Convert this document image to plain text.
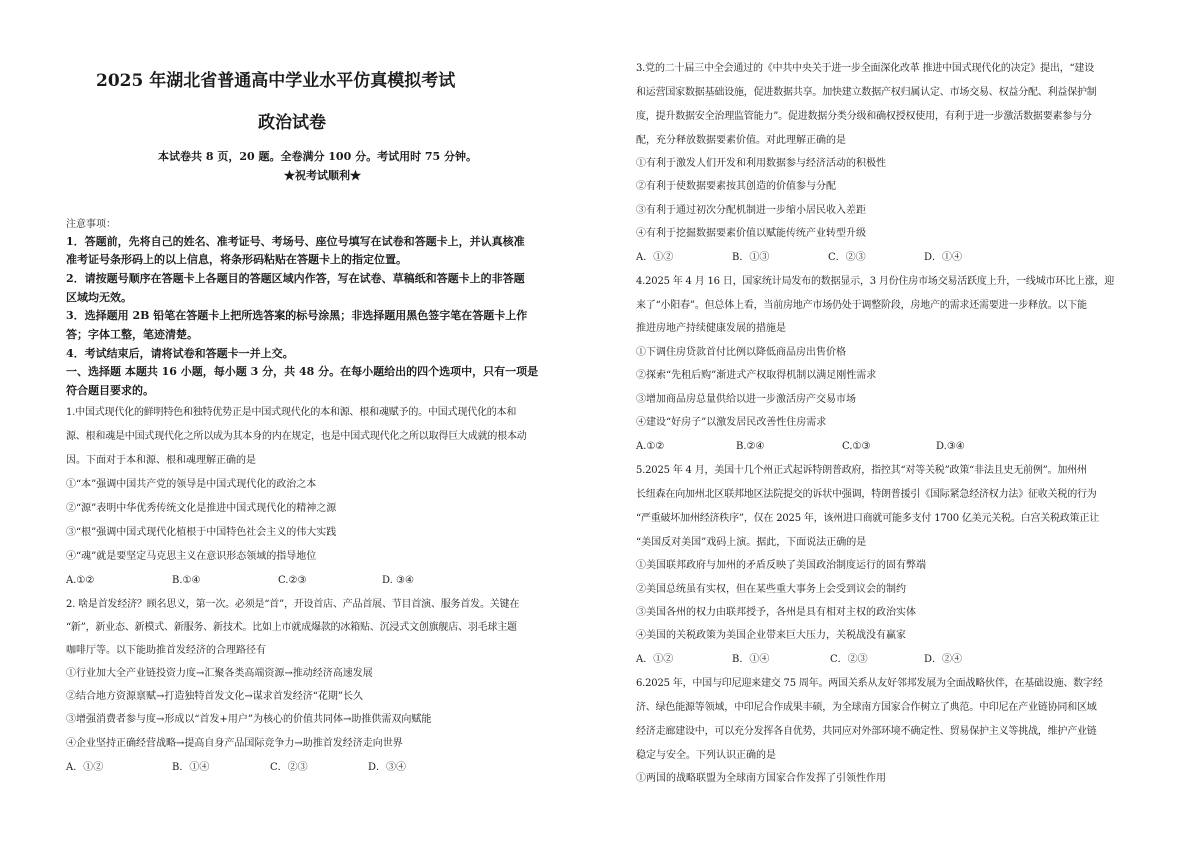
2025 年湖北省普通高中学业水平仿真模拟考试
政治试卷
本试卷共 8 页，20 题。全卷满分 100 分。考试用时 75 分钟。
★祝考试顺利★
注意事项：
1．答题前，先将自己的姓名、准考证号、考场号、座位号填写在试卷和答题卡上，并认真核准
准考证号条形码上的以上信息，将条形码粘贴在答题卡上的指定位置。
2．请按题号顺序在答题卡上各题目的答题区域内作答，写在试卷、草稿纸和答题卡上的非答题
区域均无效。
3．选择题用 2B 铅笔在答题卡上把所选答案的标号涂黑；非选择题用黑色签字笔在答题卡上作
答；字体工整，笔迹清楚。
4．考试结束后，请将试卷和答题卡一并上交。
一、选择题 本题共 16 小题，每小题 3 分，共 48 分。在每小题给出的四个选项中，只有一项是
符合题目要求的。
1.中国式现代化的鲜明特色和独特优势正是中国式现代化的本和源、根和魂赋予的。中国式现代化的本和
源、根和魂是中国式现代化之所以成为其本身的内在规定，也是中国式现代化之所以取得巨大成就的根本动
因。下面对于本和源、根和魂理解正确的是
①“本”强调中国共产党的领导是中国式现代化的政治之本
②“源”表明中华优秀传统文化是推进中国式现代化的精神之源
③“根”强调中国式现代化植根于中国特色社会主义的伟大实践
④“魂”就是要坚定马克思主义在意识形态领域的指导地位
A.①②	B.①④	C.②③	D. ③④
2. 啥是首发经济？顾名思义，第一次。必须是“首”，开设首店、产品首展、节目首演、服务首发。关键在
“新”，新业态、新模式、新服务、新技术。比如上市就成爆款的冰箱贴、沉浸式文创旗舰店、羽毛球主题
咖啡厅等。以下能助推首发经济的合理路径有
①行业加大全产业链投资力度→汇聚各类高端资源→推动经济高速发展
②结合地方资源禀赋→打造独特首发文化→谋求首发经济“花期”长久
③增强消费者参与度→形成以“首发+用户”为核心的价值共同体→助推供需双向赋能
④企业坚持正确经营战略→提高自身产品国际竞争力→助推首发经济走向世界
A．①②	B．①④	C．②③	D．③④
3.党的二十届三中全会通过的《中共中央关于进一步全面深化改革 推进中国式现代化的决定》提出，“建设
和运营国家数据基础设施，促进数据共享。加快建立数据产权归属认定、市场交易、权益分配、利益保护制
度，提升数据安全治理监管能力”。促进数据分类分级和确权授权使用，有利于进一步激活数据要素参与分
配，充分释放数据要素价值。对此理解正确的是
①有利于激发人们开发和利用数据参与经济活动的积极性
②有利于使数据要素按其创造的价值参与分配
③有利于通过初次分配机制进一步缩小居民收入差距
④有利于挖掘数据要素价值以赋能传统产业转型升级
A．①②	B．①③	C．②③	D．①④
4.2025 年 4 月 16 日，国家统计局发布的数据显示，3 月份住房市场交易活跃度上升，一线城市环比上涨，迎
来了“小阳春”。但总体上看，当前房地产市场仍处于调整阶段，房地产的需求还需要进一步释放。以下能
推进房地产持续健康发展的措施是
①下调住房贷款首付比例以降低商品房出售价格
②探索“先租后购”渐进式产权取得机制以满足刚性需求
③增加商品房总量供给以进一步激活房产交易市场
④建设“好房子”以激发居民改善性住房需求
A.①②	B.②④	C.①③	D.③④
5.2025 年 4 月，美国十几个州正式起诉特朗普政府，指控其“对等关税”政策“非法且史无前例”。加州州
长纽森在向加州北区联邦地区法院提交的诉状中强调，特朗普援引《国际紧急经济权力法》征收关税的行为
“严重破坏加州经济秩序”，仅在 2025 年，该州进口商就可能多支付 1700 亿美元关税。白宫关税政策正让
“美国反对美国”戏码上演。据此，下面说法正确的是
①美国联邦政府与加州的矛盾反映了美国政治制度运行的固有弊端
②美国总统虽有实权，但在某些重大事务上会受到议会的制约
③美国各州的权力由联邦授予，各州是具有相对主权的政治实体
④美国的关税政策为美国企业带来巨大压力，关税战没有赢家
A．①②	B．①④	C．②③	D．②④
6.2025 年，中国与印尼迎来建交 75 周年。两国关系从友好邻邦发展为全面战略伙伴，在基础设施、数字经
济、绿色能源等领域，中印尼合作成果丰硕，为全球南方国家合作树立了典范。中印尼在产业链协同和区域
经济走廊建设中，可以充分发挥各自优势，共同应对外部环境不确定性、贸易保护主义等挑战，维护产业链
稳定与安全。下列认识正确的是
①两国的战略联盟为全球南方国家合作发挥了引领性作用
